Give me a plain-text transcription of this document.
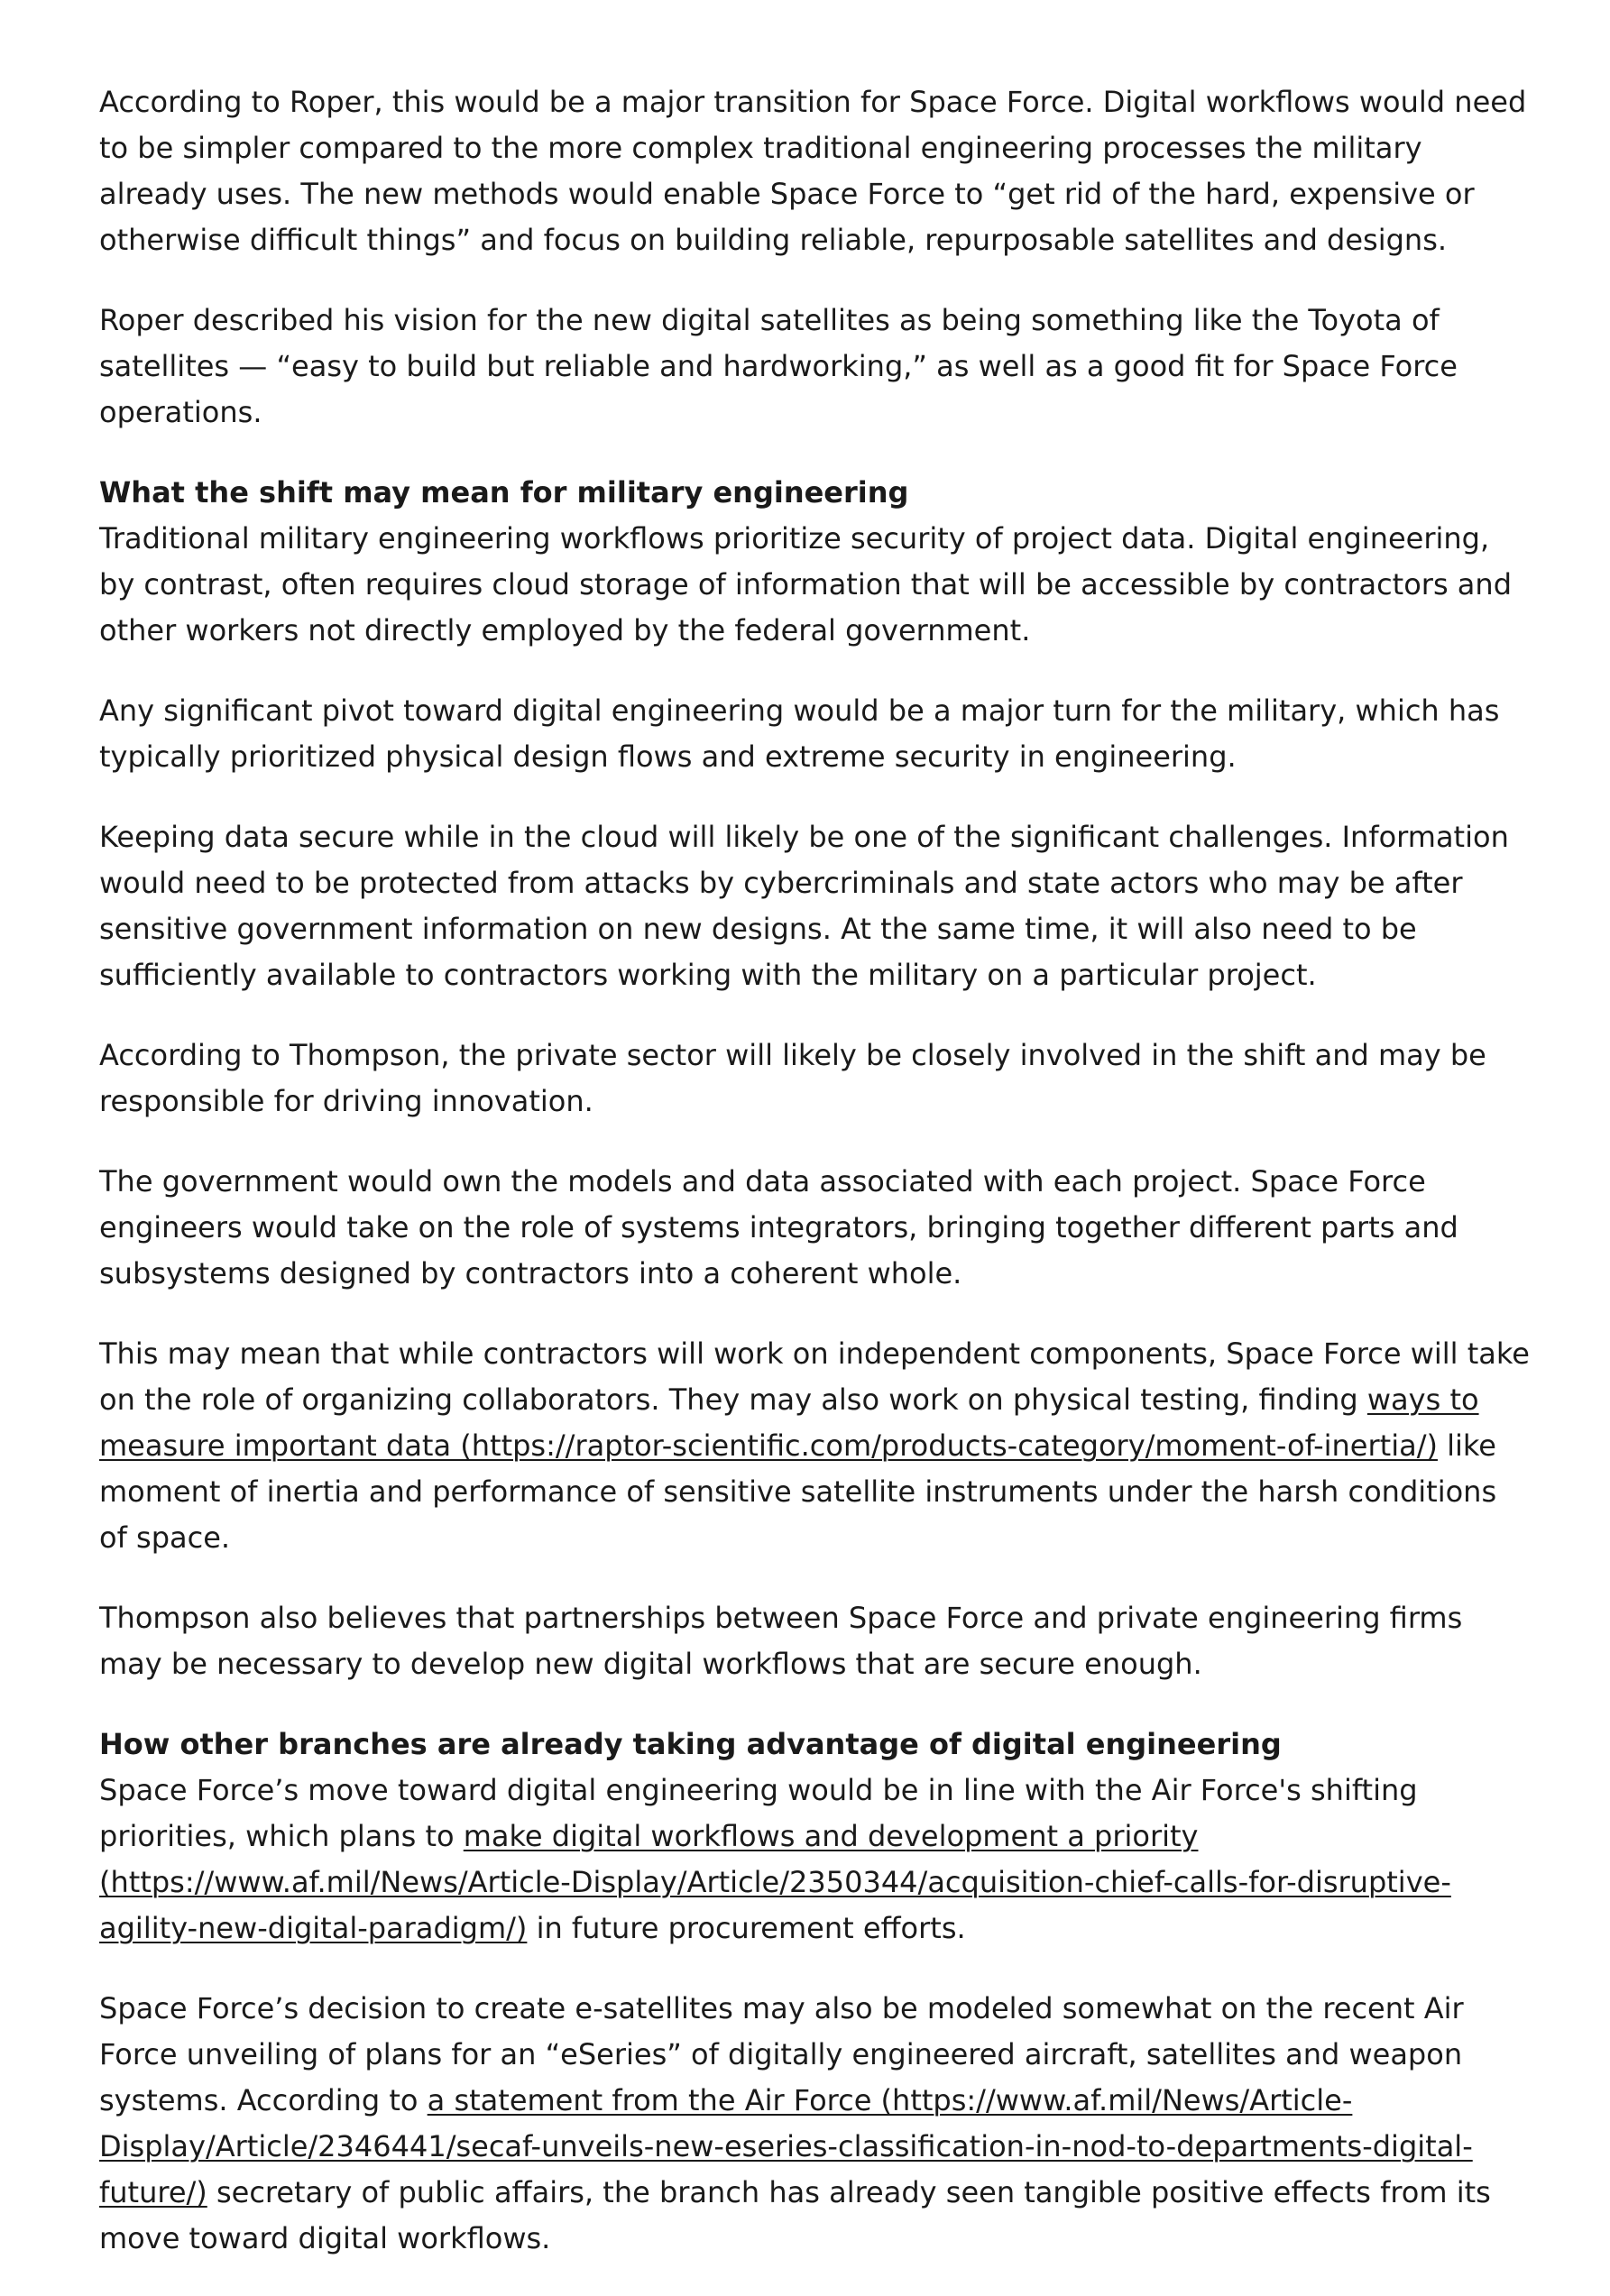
According to Roper, this would be a major transition for Space Force. Digital workflows would need to be simpler compared to the more complex traditional engineering processes the military already uses. The new methods would enable Space Force to “get rid of the hard, expensive or otherwise difficult things” and focus on building reliable, repurposable satellites and designs.

Roper described his vision for the new digital satellites as being something like the Toyota of satellites — “easy to build but reliable and hardworking,” as well as a good fit for Space Force operations.

What the shift may mean for military engineering

Traditional military engineering workflows prioritize security of project data. Digital engineering, by contrast, often requires cloud storage of information that will be accessible by contractors and other workers not directly employed by the federal government.

Any significant pivot toward digital engineering would be a major turn for the military, which has typically prioritized physical design flows and extreme security in engineering.

Keeping data secure while in the cloud will likely be one of the significant challenges. Information would need to be protected from attacks by cybercriminals and state actors who may be after sensitive government information on new designs. At the same time, it will also need to be sufficiently available to contractors working with the military on a particular project.

According to Thompson, the private sector will likely be closely involved in the shift and may be responsible for driving innovation.

The government would own the models and data associated with each project. Space Force engineers would take on the role of systems integrators, bringing together different parts and subsystems designed by contractors into a coherent whole.

This may mean that while contractors will work on independent components, Space Force will take on the role of organizing collaborators. They may also work on physical testing, finding ways to measure important data (https://raptor-scientific.com/products-category/moment-of-inertia/) like moment of inertia and performance of sensitive satellite instruments under the harsh conditions of space.

Thompson also believes that partnerships between Space Force and private engineering firms may be necessary to develop new digital workflows that are secure enough.

How other branches are already taking advantage of digital engineering

Space Force’s move toward digital engineering would be in line with the Air Force's shifting priorities, which plans to make digital workflows and development a priority (https://www.af.mil/News/Article-Display/Article/2350344/acquisition-chief-calls-for-disruptive-agility-new-digital-paradigm/) in future procurement efforts.

Space Force’s decision to create e-satellites may also be modeled somewhat on the recent Air Force unveiling of plans for an “eSeries” of digitally engineered aircraft, satellites and weapon systems. According to a statement from the Air Force (https://www.af.mil/News/Article-Display/Article/2346441/secaf-unveils-new-eseries-classification-in-nod-to-departments-digital-future/) secretary of public affairs, the branch has already seen tangible positive effects from its move toward digital workflows.
